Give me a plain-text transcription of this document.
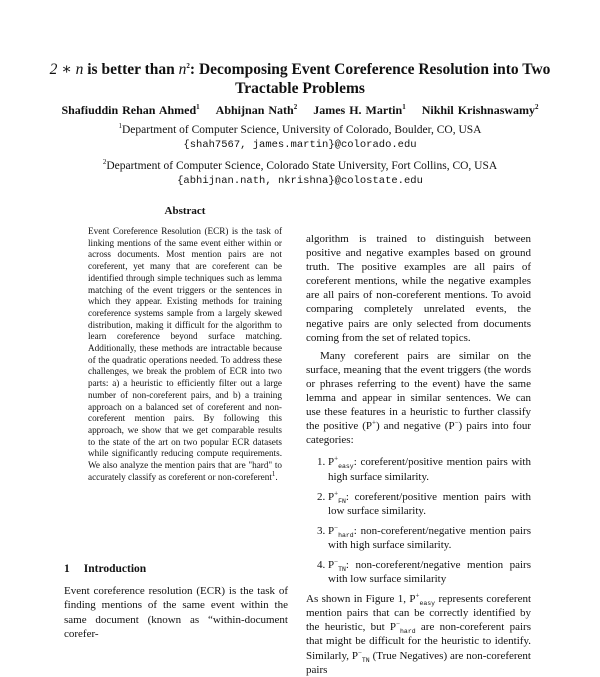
2 ∗ n is better than $n^2$: Decomposing Event Coreference Resolution into Two Tractable Problems
Shafiuddin Rehan Ahmed$^1$ Abhijnan Nath$^2$ James H. Martin$^1$ Nikhil Krishnaswamy$^2$
$^1$Department of Computer Science, University of Colorado, Boulder, CO, USA
{shah7567, james.martin}@colorado.edu
$^2$Department of Computer Science, Colorado State University, Fort Collins, CO, USA
{abhijnan.nath, nkrishna}@colostate.edu
Abstract
Event Coreference Resolution (ECR) is the task of linking mentions of the same event either within or across documents. Most mention pairs are not coreferent, yet many that are coreferent can be identified through simple techniques such as lemma matching of the event triggers or the sentences in which they appear. Existing methods for training coreference systems sample from a largely skewed distribution, making it difficult for the algorithm to learn coreference beyond surface matching. Additionally, these methods are intractable because of the quadratic operations needed. To address these challenges, we break the problem of ECR into two parts: a) a heuristic to efficiently filter out a large number of non-coreferent pairs, and b) a training approach on a balanced set of coreferent and non-coreferent mention pairs. By following this approach, we show that we get comparable results to the state of the art on two popular ECR datasets while significantly reducing compute requirements. We also analyze the mention pairs that are "hard" to accurately classify as coreferent or non-coreferent$^1$.
1 Introduction
Event coreference resolution (ECR) is the task of finding mentions of the same event within the same document (known as “within-document corefer-

algorithm is trained to distinguish between positive and negative examples based on ground truth. The positive examples are all pairs of coreferent mentions, while the negative examples are all pairs of non-coreferent mentions. To avoid comparing completely unrelated events, the negative pairs are only selected from documents coming from the set of related topics.

Many coreferent pairs are similar on the surface, meaning that the event triggers (the words or phrases referring to the event) have the same lemma and appear in similar sentences. We can use these features in a heuristic to further classify the positive (P+) and negative (P−) pairs into four categories:

1. $P^+_{easy}$: coreferent/positive mention pairs with high surface similarity.
2. $P^+_{FN}$: coreferent/positive mention pairs with low surface similarity.
3. $P^-_{hard}$: non-coreferent/negative mention pairs with high surface similarity.
4. $P^-_{TN}$: non-coreferent/negative mention pairs with low surface similarity

As shown in Figure 1, $P^+_{easy}$ represents coreferent mention pairs that can be correctly identified by the heuristic, but $P^-_{hard}$ are non-coreferent pairs that might be difficult for the heuristic to identify. Similarly, $P^-_{TN}$ (True Negatives) are non-coreferent pairs
